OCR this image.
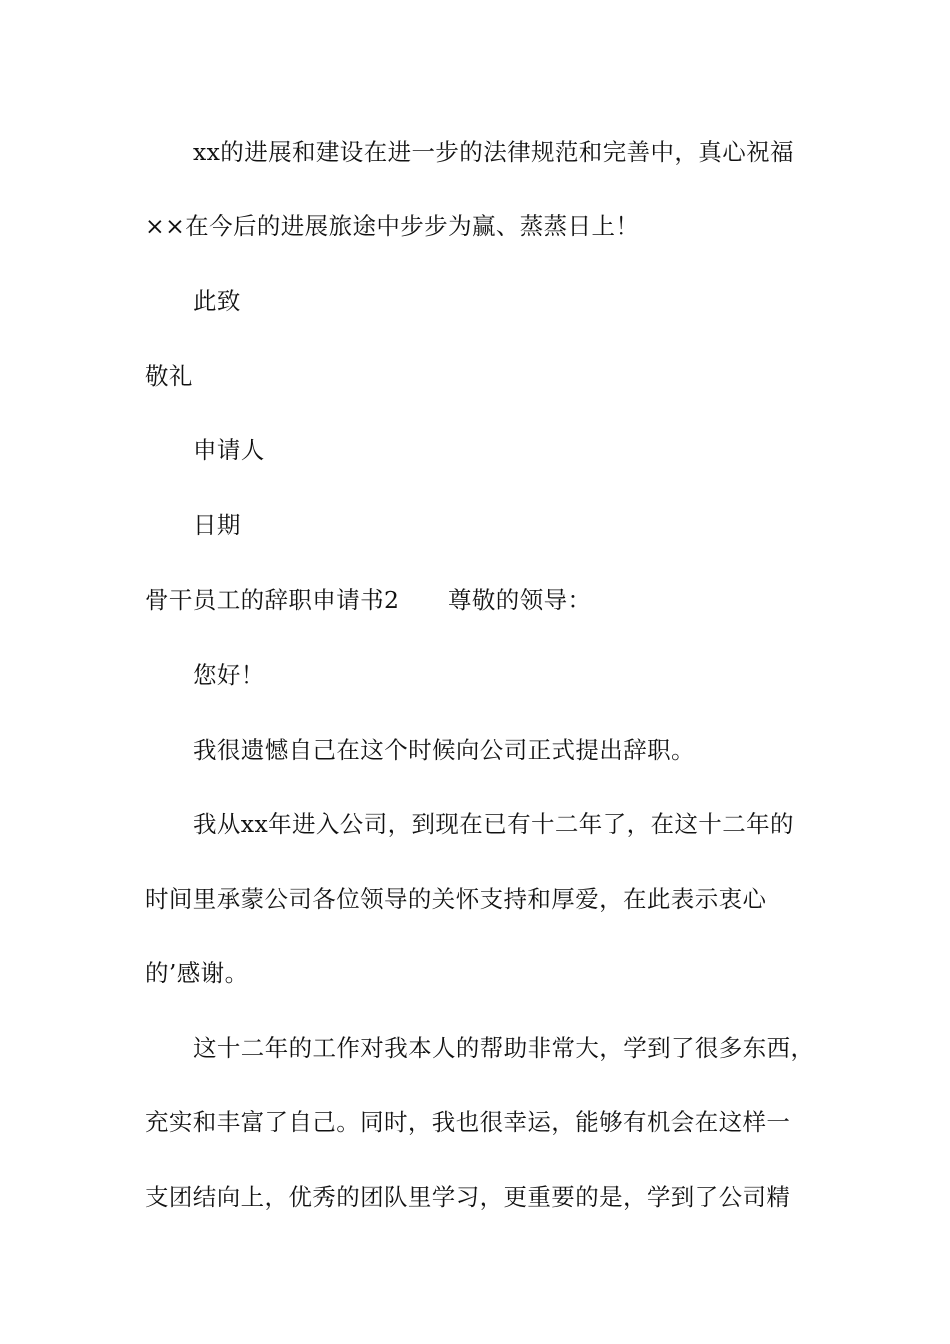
xx的进展和建设在进一步的法律规范和完善中，真心祝福
××在今后的进展旅途中步步为赢、蒸蒸日上！
此致
敬礼
申请人
日期
骨干员工的辞职申请书2 尊敬的领导：
您好！
我很遗憾自己在这个时候向公司正式提出辞职。
我从xx年进入公司，到现在已有十二年了，在这十二年的
时间里承蒙公司各位领导的关怀支持和厚爱，在此表示衷心
的’感谢。
这十二年的工作对我本人的帮助非常大，学到了很多东西，
充实和丰富了自己。同时，我也很幸运，能够有机会在这样一
支团结向上，优秀的团队里学习，更重要的是，学到了公司精
